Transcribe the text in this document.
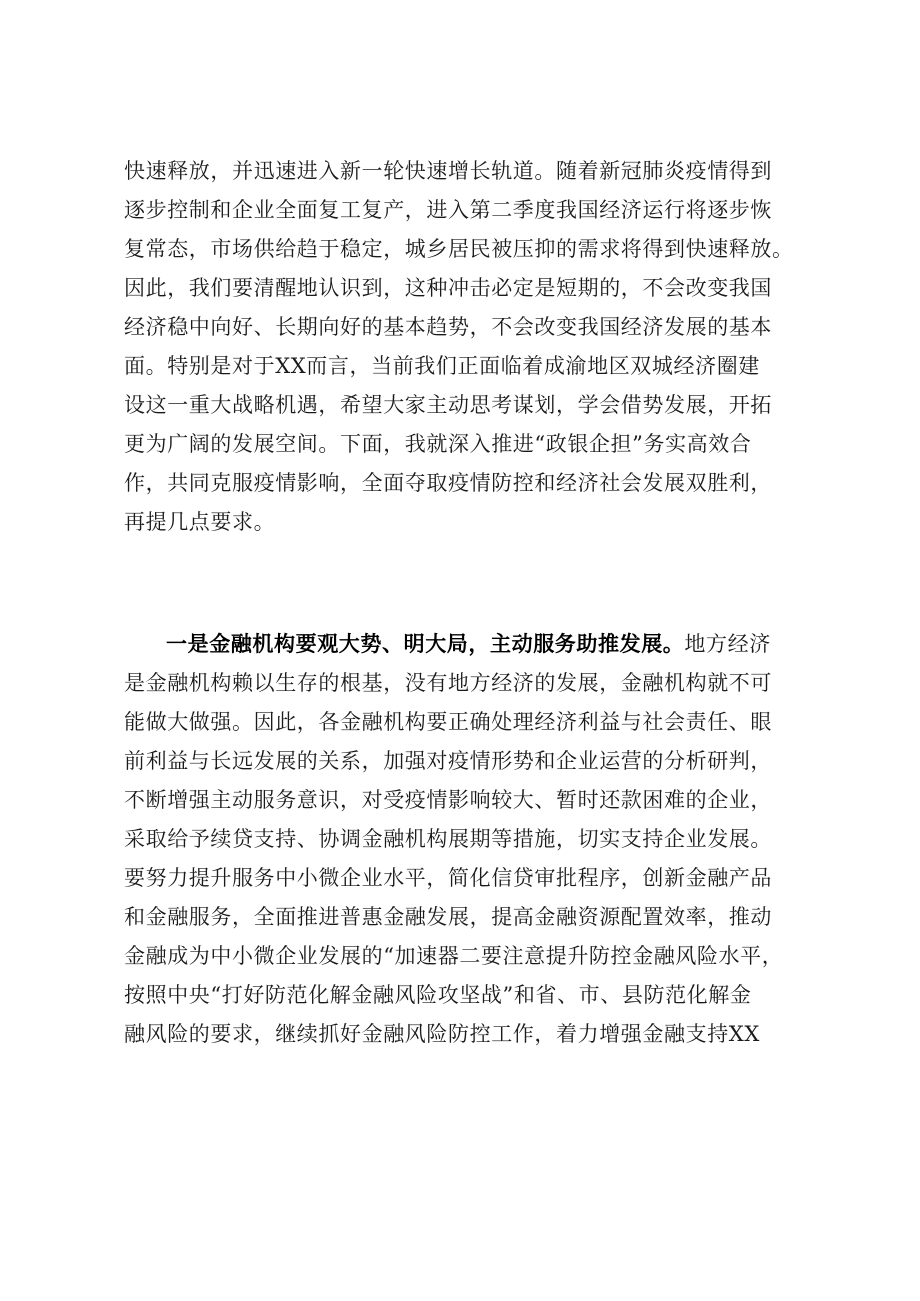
快速释放，并迅速进入新一轮快速增长轨道。随着新冠肺炎疫情得到
逐步控制和企业全面复工复产，进入第二季度我国经济运行将逐步恢
复常态，市场供给趋于稳定，城乡居民被压抑的需求将得到快速释放。
因此，我们要清醒地认识到，这种冲击必定是短期的，不会改变我国
经济稳中向好、长期向好的基本趋势，不会改变我国经济发展的基本
面。特别是对于XX而言，当前我们正面临着成渝地区双城经济圈建
设这一重大战略机遇，希望大家主动思考谋划，学会借势发展，开拓
更为广阔的发展空间。下面，我就深入推进“政银企担”务实高效合
作，共同克服疫情影响，全面夺取疫情防控和经济社会发展双胜利，
再提几点要求。
一是金融机构要观大势、明大局，主动服务助推发展。地方经济
是金融机构赖以生存的根基，没有地方经济的发展，金融机构就不可
能做大做强。因此，各金融机构要正确处理经济利益与社会责任、眼
前利益与长远发展的关系，加强对疫情形势和企业运营的分析研判，
不断增强主动服务意识，对受疫情影响较大、暂时还款困难的企业，
采取给予续贷支持、协调金融机构展期等措施，切实支持企业发展。
要努力提升服务中小微企业水平，简化信贷审批程序，创新金融产品
和金融服务，全面推进普惠金融发展，提高金融资源配置效率，推动
金融成为中小微企业发展的“加速器二要注意提升防控金融风险水平，
按照中央“打好防范化解金融风险攻坚战”和省、市、县防范化解金
融风险的要求，继续抓好金融风险防控工作，着力增强金融支持XX
